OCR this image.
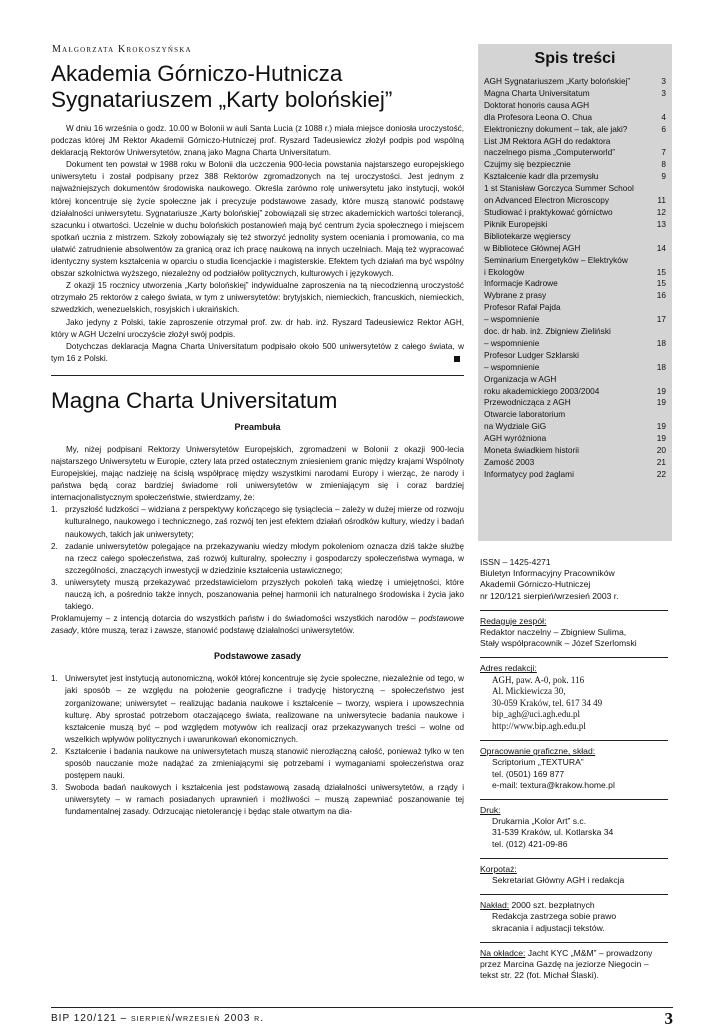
Małgorzata Krokoszyńska
Akademia Górniczo-Hutnicza
Sygnatariuszem „Karty bolońskiej”

W dniu 16 września o godz. 10.00 w Bolonii w auli Santa Lucia (z 1088 r.) miała miejsce doniosła uroczystość, podczas której JM Rektor Akademii Górniczo-Hutniczej prof. Ryszard Tadeusiewicz złożył podpis pod wspólną deklaracją Rektorów Uniwersytetów, znaną jako Magna Charta Universitatum.

Dokument ten powstał w 1988 roku w Bolonii dla uczczenia 900-lecia powstania najstarszego europejskiego uniwersytetu i został podpisany przez 388 Rektorów zgromadzonych na tej uroczystości. Jest jednym z najważniejszych dokumentów środowiska naukowego. Określa zarówno rolę uniwersytetu jako instytucji, wokół której koncentruje się życie społeczne jak i precyzuje podstawowe zasady, które muszą stanowić podstawę działalności uniwersytetu. Sygnatariusze „Karty bolońskiej” zobowiązali się strzec akademickich wartości tolerancji, szacunku i otwartości. Uczelnie w duchu bolońskich postanowień mają być centrum życia społecznego i miejscem spotkań ucznia z mistrzem. Szkoły zobowiązały się też stworzyć jednolity system oceniania i promowania, co ma ułatwić zatrudnienie absolwentów za granicą oraz ich pracę naukową na innych uczelniach. Mają też wypracować identyczny system kształcenia w oparciu o studia licencjackie i magisterskie. Efektem tych działań ma być wspólny obszar szkolnictwa wyższego, niezależny od podziałów politycznych, kulturowych i językowych.

Z okazji 15 rocznicy utworzenia „Karty bolońskiej” indywidualne zaproszenia na tą niecodzienną uroczystość otrzymało 25 rektorów z całego świata, w tym z uniwersytetów: brytyjskich, niemieckich, francuskich, niemieckich, szwedzkich, wenezuelskich, rosyjskich i ukraińskich.

Jako jedyny z Polski, takie zaproszenie otrzymał prof. zw. dr hab. inż. Ryszard Tadeusiewicz Rektor AGH, który w AGH Uczelni uroczyście złożył swój podpis.

Dotychczas deklaracja Magna Charta Universitatum podpisało około 500 uniwersytetów z całego świata, w tym 16 z Polski.

Magna Charta Universitatum
Preambuła

My, niżej podpisani Rektorzy Uniwersytetów Europejskich, zgromadzeni w Bolonii z okazji 900-lecia najstarszego Uniwersytetu w Europie, cztery lata przed ostatecznym zniesieniem granic między krajami Wspólnoty Europejskiej, mając nadzieję na ścisłą współpracę między wszystkimi narodami Europy i wierząc, że narody i państwa będą coraz bardziej świadome roli uniwersytetów w zmieniającym się i coraz bardziej internacjonalistycznym społeczeństwie, stwierdzamy, że:

1. przyszłość ludzkości – widziana z perspektywy kończącego się tysiąclecia – zależy w dużej mierze od rozwoju kulturalnego, naukowego i technicznego, zaś rozwój ten jest efektem działań ośrodków kultury, wiedzy i badań naukowych, takich jak uniwersytety;
2. zadanie uniwersytetów polegające na przekazywaniu wiedzy młodym pokoleniom oznacza dziś także służbę na rzecz całego społeczeństwa, zaś rozwój kulturalny, społeczny i gospodarczy społeczeństwa wymaga, w szczególności, znaczących inwestycji w dziedzinie kształcenia ustawicznego;
3. uniwersytety muszą przekazywać przedstawicielom przyszłych pokoleń taką wiedzę i umiejętności, które nauczą ich, a pośrednio także innych, poszanowania pełnej harmonii ich naturalnego środowiska i życia jako takiego.

Proklamujemy – z intencją dotarcia do wszystkich państw i do świadomości wszystkich narodów – podstawowe zasady, które muszą, teraz i zawsze, stanowić podstawę działalności uniwersytetów.

Podstawowe zasady
1. Uniwersytet jest instytucją autonomiczną, wokół której koncentruje się życie społeczne, niezależnie od tego, w jaki sposób – ze względu na położenie geograficzne i tradycję historyczną – społeczeństwo jest zorganizowane; uniwersytet – realizując badania naukowe i kształcenie – tworzy, wspiera i upowszechnia kulturę. Aby sprostać potrzebom otaczającego świata, realizowane na uniwersytecie badania naukowe i kształcenie muszą być – pod względem motywów ich realizacji oraz przekazywanych treści – wolne od wszelkich wpływów politycznych i uwarunkowań ekonomicznych.
2. Kształcenie i badania naukowe na uniwersytetach muszą stanowić nierozłączną całość, ponieważ tylko w ten sposób nauczanie może nadążać za zmieniającymi się potrzebami i wymaganiami społeczeństwa oraz postępem nauki.
3. Swoboda badań naukowych i kształcenia jest podstawową zasadą działalności uniwersytetów, a rządy i uniwersytety – w ramach posiadanych uprawnień i możliwości – muszą zapewniać poszanowanie tej fundamentalnej zasady. Odrzucając nietolerancję i będąc stale otwartym na dia-
Spis treści
AGH Sygnatariuszem „Karty bolońskiej”	3
Magna Charta Universitatum	3
Doktorat honoris causa AGH
dla Profesora Leona O. Chua	4
Elektroniczny dokument – tak, ale jaki?	6
List JM Rektora AGH do redaktora
naczelnego pisma „Computerworld”	7
Czujmy się bezpiecznie	8
Kształcenie kadr dla przemysłu	9
1 st Stanisław Gorczyca Summer School
on Advanced Electron Microscopy	11
Studiować i praktykować górnictwo	12
Piknik Europejski	13
Bibliotekarze węgierscy
w Bibliotece Głównej AGH	14
Seminarium Energetyków – Elektryków
i Ekologów	15
Informacje Kadrowe	15
Wybrane z prasy	16
Profesor Rafał Pajda
– wspomnienie	17
doc. dr hab. inż. Zbigniew Zieliński
– wspomnienie	18
Profesor Ludger Szklarski
– wspomnienie	18
Organizacja w AGH
roku akademickiego 2003/2004	19
Przewodnicząca z AGH	19
Otwarcie laboratorium
na Wydziale GiG	19
AGH wyróżniona	19
Moneta świadkiem historii	20
Zamość 2003	21
Informatycy pod żaglami	22
ISSN – 1425-4271
Biuletyn Informacyjny Pracowników
Akademii Górniczo-Hutniczej
nr 120/121 sierpień/wrzesień 2003 r.
Redaguje zespół:
Redaktor naczelny – Zbigniew Sulima,
Stały współpracownik – Józef Szerlomski
Adres redakcji:
AGH, paw. A-0, pok. 116
Al. Mickiewicza 30,
30-059 Kraków, tel. 617 34 49
bip_agh@uci.agh.edu.pl
http://www.bip.agh.edu.pl
Opracowanie graficzne, skład:
Scriptorium „TEXTURA”
tel. (0501) 169 877
e-mail: textura@krakow.home.pl
Druk:
Drukarnia „Kolor Art” s.c.
31-539 Kraków, ul. Kotlarska 34
tel. (012) 421-09-86
Korpotaż:
Sekretariat Główny AGH i redakcja
Nakład: 2000 szt. bezpłatnych
Redakcja zastrzega sobie prawo
skracania i adjustacji tekstów.
Na okładce: Jacht KYC „M&M” – prowadzony przez Marcina Gazdę na jeziorze Niegocin – tekst str. 22 (fot. Michał Ślaski).
BIP 120/121 – sierpień/wrzesień 2003 r.	3
